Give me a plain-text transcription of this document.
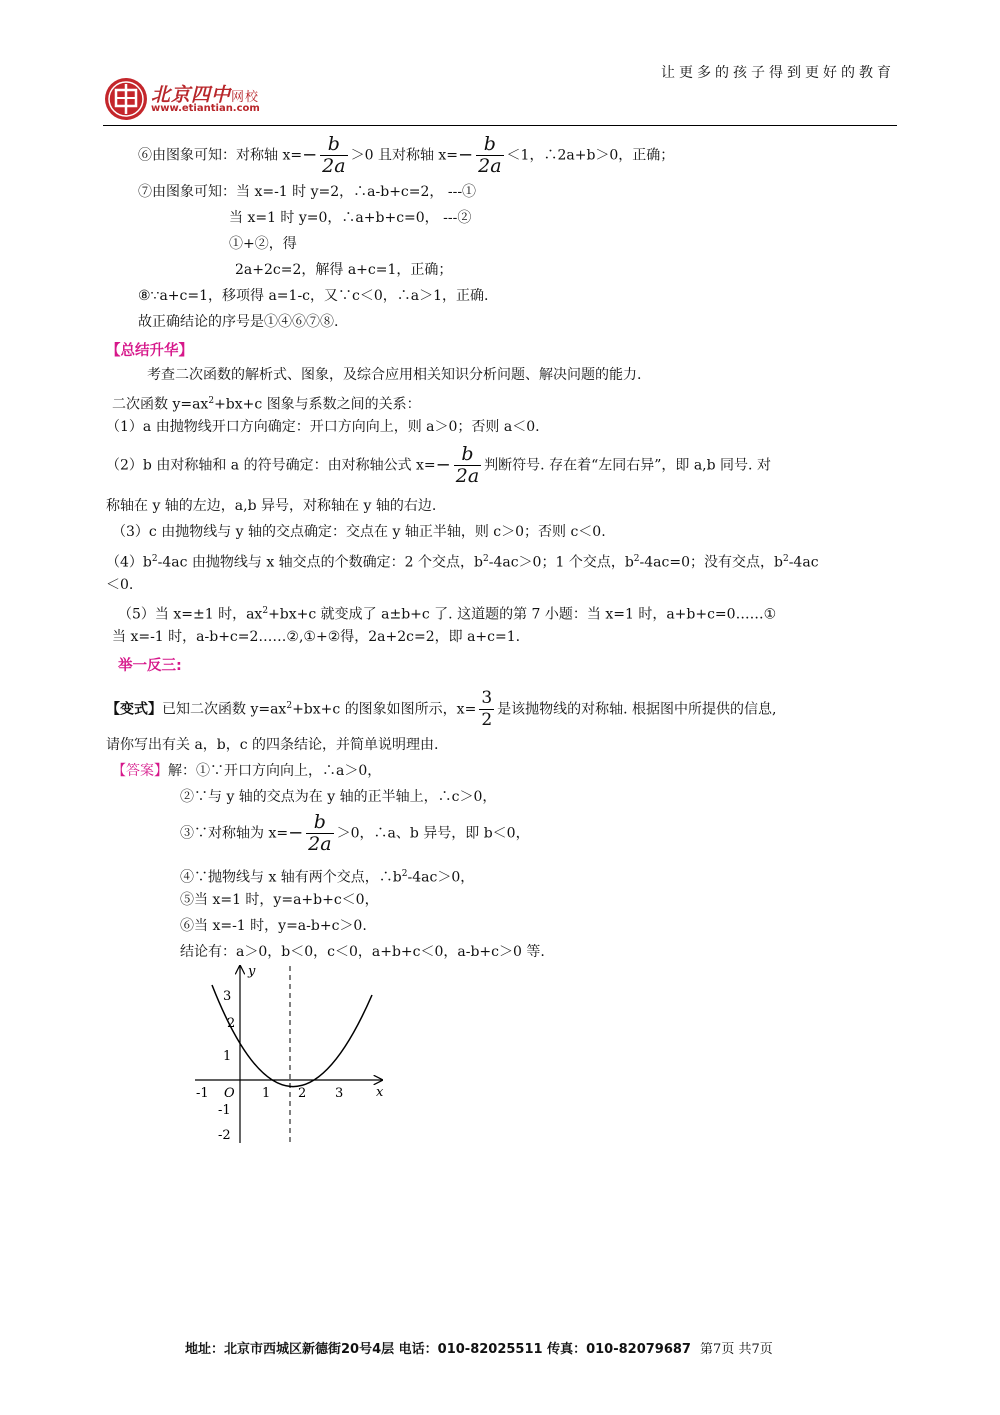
让更多的孩子得到更好的教育
北京四中网校
www.etiantian.com
⑥由图象可知：对称轴 $x=- \frac{b}{2a} >0$ 且对称轴 $x=- \frac{b}{2a} <1$，∴2a+b＞0，正确；
⑦由图象可知：当 x=-1 时 y=2，∴a-b+c=2， ---①
当 x=1 时 y=0，∴a+b+c=0， ---②
①+②，得
2a+2c=2，解得 a+c=1，正确；
⑧∵a+c=1，移项得 a=1-c，又∵c＜0，∴a＞1，正确.
故正确结论的序号是①④⑥⑦⑧.
【总结升华】
考查二次函数的解析式、图象，及综合应用相关知识分析问题、解决问题的能力.
二次函数 $y=ax^2+bx+c$ 图象与系数之间的关系：
（1）a 由抛物线开口方向确定：开口方向向上，则 a＞0；否则 a＜0.
（2）b 由对称轴和 a 的符号确定：由对称轴公式 $x=- \frac{b}{2a}$ 判断符号. 存在着“左同右异”，即 a,b 同号. 对
称轴在 y 轴的左边，a,b 异号，对称轴在 y 轴的右边.
（3）c 由抛物线与 y 轴的交点确定：交点在 y 轴正半轴，则 c＞0；否则 c＜0.
$(4)b^2-4ac$ 由抛物线与 x 轴交点的个数确定：2 个交点，$b^2-4ac>0$；1 个交点，$b^2-4ac=0$；没有交点，$b^2-4ac$
＜0.
（5）当 x=±1 时，$ax^2+bx+c$ 就变成了 a±b+c 了. 这道题的第 7 小题：当 x=1 时，a+b+c=0……①
当 x=-1 时，a-b+c=2……②,①+②得，2a+2c=2，即 a+c=1.
举一反三:
【变式】已知二次函数 $y=ax^2+bx+c$ 的图象如图所示，$x= \frac{3}{2}$ 是该抛物线的对称轴. 根据图中所提供的信息,
请你写出有关 a，b，c 的四条结论，并简单说明理由.
【答案】解：①∵开口方向向上，∴a＞0，
②∵与 y 轴的交点为在 y 轴的正半轴上，∴c＞0，
③∵对称轴为 $x=- \frac{b}{2a} >0$，∴a、b 异号，即 b＜0，
④∵抛物线与 x 轴有两个交点，$\therefore b^2-4ac>0$，
⑤当 x=1 时，y=a+b+c＜0，
⑥当 x=-1 时，y=a-b+c＞0.
结论有：a＞0，b＜0，c＜0，a+b+c＜0，a-b+c＞0 等.
x
y
O
-1	1 2 3
3
2
1
-1
-2
地址：北京市西城区新德街20号4层 电话：010-82025511 传真：010-82079687 第7页 共7页
